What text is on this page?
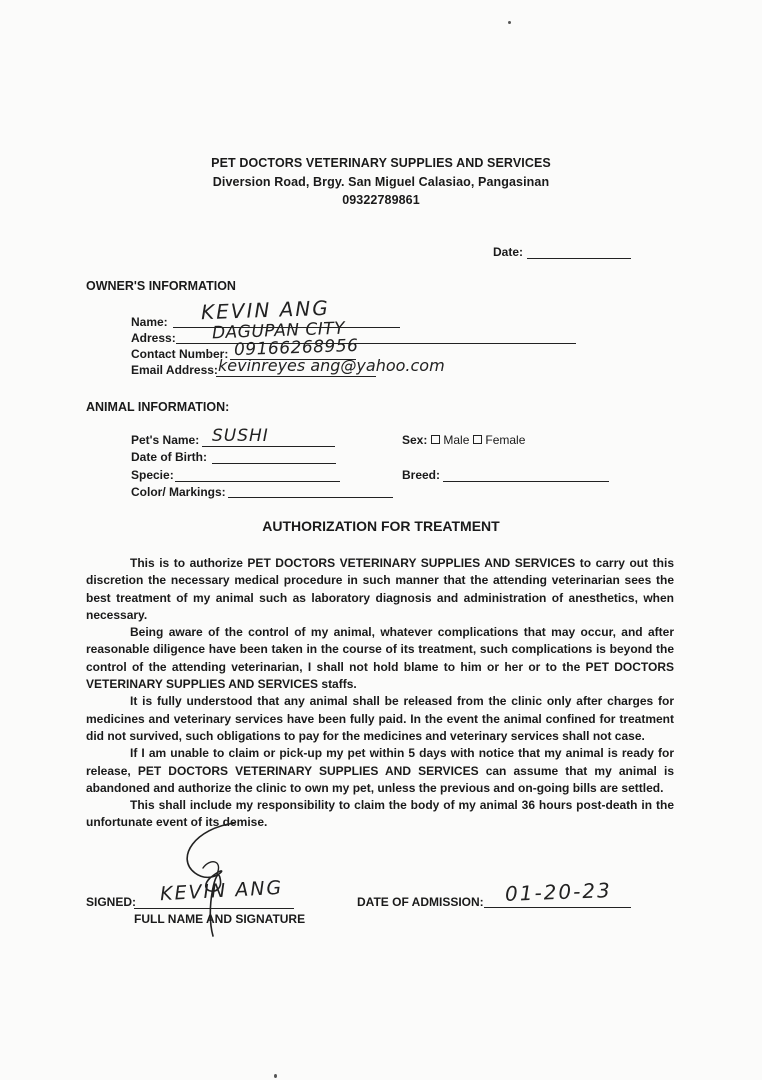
PET DOCTORS VETERINARY SUPPLIES AND SERVICES
Diversion Road, Brgy. San Miguel Calasiao, Pangasinan
09322789861
Date:
OWNER'S INFORMATION
Name: KEVIN ANG
Adress: DAGUPAN CITY
Contact Number: 09166268956
Email Address: kevinreyes ang@yahoo.com
ANIMAL INFORMATION:
Pet's Name: SUSHI
Date of Birth:
Specie:
Color/ Markings:
Sex: Male Female
Breed:
AUTHORIZATION FOR TREATMENT

This is to authorize PET DOCTORS VETERINARY SUPPLIES AND SERVICES to carry out this discretion the necessary medical procedure in such manner that the attending veterinarian sees the best treatment of my animal such as laboratory diagnosis and administration of anesthetics, when necessary.

Being aware of the control of my animal, whatever complications that may occur, and after reasonable diligence have been taken in the course of its treatment, such complications is beyond the control of the attending veterinarian, I shall not hold blame to him or her or to the PET DOCTORS VETERINARY SUPPLIES AND SERVICES staffs.

It is fully understood that any animal shall be released from the clinic only after charges for medicines and veterinary services have been fully paid. In the event the animal confined for treatment did not survived, such obligations to pay for the medicines and veterinary services shall not case.

If I am unable to claim or pick-up my pet within 5 days with notice that my animal is ready for release, PET DOCTORS VETERINARY SUPPLIES AND SERVICES can assume that my animal is abandoned and authorize the clinic to own my pet, unless the previous and on-going bills are settled.

This shall include my responsibility to claim the body of my animal 36 hours post-death in the unfortunate event of its demise.

SIGNED: KEVIN ANG
FULL NAME AND SIGNATURE
DATE OF ADMISSION: 01-20-23
